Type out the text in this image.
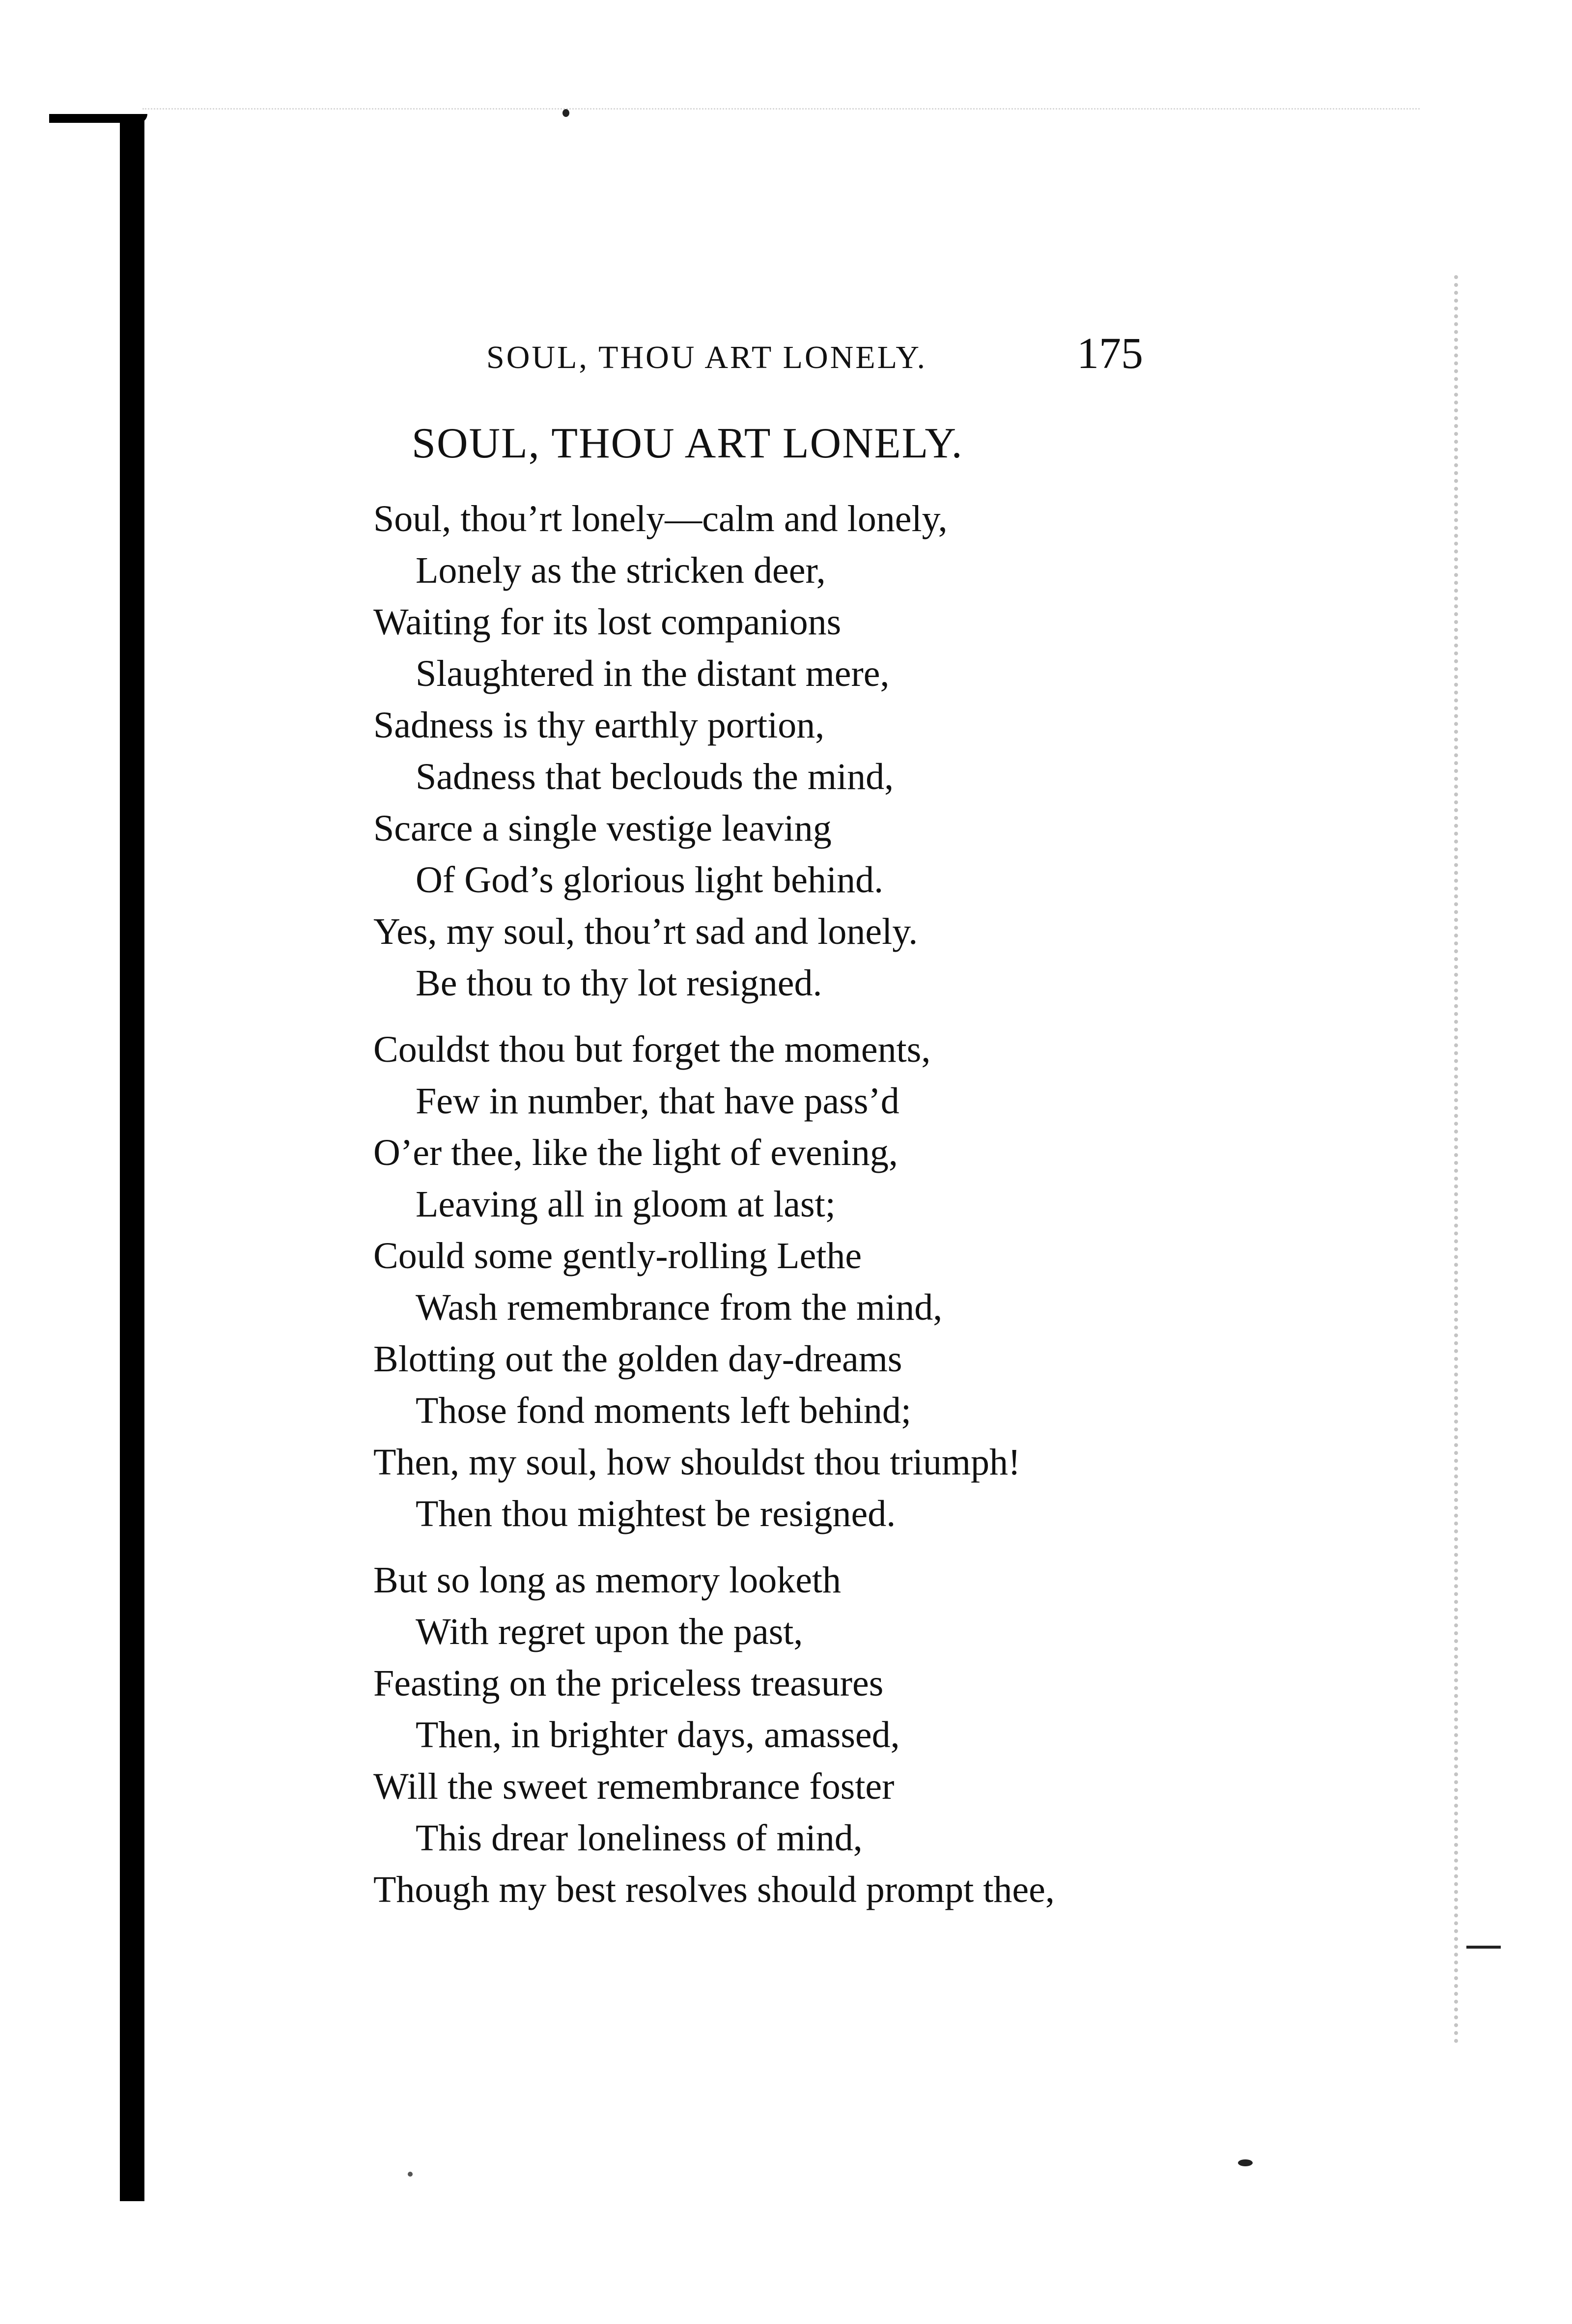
SOUL, THOU ART LONELY.	175
SOUL, THOU ART LONELY.
Soul, thou’rt lonely—calm and lonely,
Lonely as the stricken deer,
Waiting for its lost companions
Slaughtered in the distant mere,
Sadness is thy earthly portion,
Sadness that beclouds the mind,
Scarce a single vestige leaving
Of God’s glorious light behind.
Yes, my soul, thou’rt sad and lonely.
Be thou to thy lot resigned.
Couldst thou but forget the moments,
Few in number, that have pass’d
O’er thee, like the light of evening,
Leaving all in gloom at last;
Could some gently-rolling Lethe
Wash remembrance from the mind,
Blotting out the golden day-dreams
Those fond moments left behind;
Then, my soul, how shouldst thou triumph!
Then thou mightest be resigned.
But so long as memory looketh
With regret upon the past,
Feasting on the priceless treasures
Then, in brighter days, amassed,
Will the sweet remembrance foster
This drear loneliness of mind,
Though my best resolves should prompt thee,
